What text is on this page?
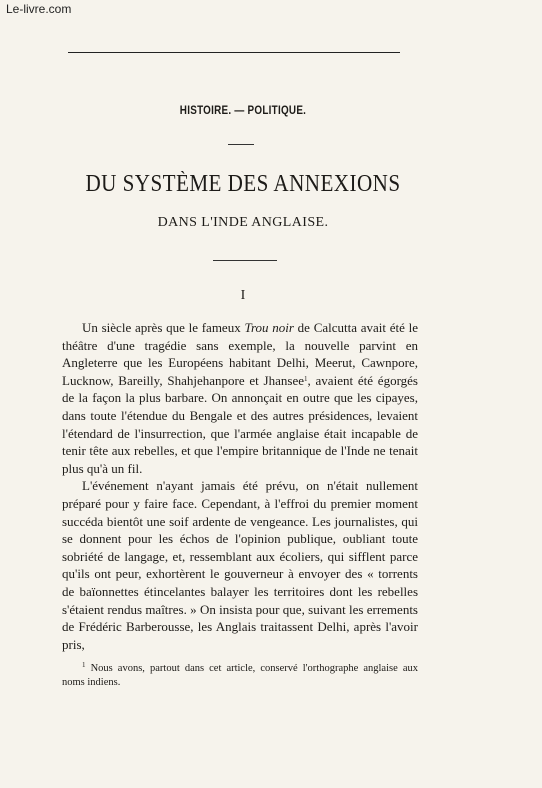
Le-livre.com
HISTOIRE. — POLITIQUE.
DU SYSTÈME DES ANNEXIONS
DANS L'INDE ANGLAISE.
I

Un siècle après que le fameux Trou noir de Calcutta avait été le théâtre d'une tragédie sans exemple, la nouvelle parvint en Angleterre que les Européens habitant Delhi, Meerut, Cawnpore, Lucknow, Bareilly, Shahjehanpore et Jhansee$^1$, avaient été égorgés de la façon la plus barbare. On annonçait en outre que les cipayes, dans toute l'étendue du Bengale et des autres présidences, levaient l'étendard de l'insurrection, que l'armée anglaise était incapable de tenir tête aux rebelles, et que l'empire britannique de l'Inde ne tenait plus qu'à un fil.

L'événement n'ayant jamais été prévu, on n'était nullement préparé pour y faire face. Cependant, à l'effroi du premier moment succéda bientôt une soif ardente de vengeance. Les journalistes, qui se donnent pour les échos de l'opinion publique, oubliant toute sobriété de langage, et, ressemblant aux écoliers, qui sifflent parce qu'ils ont peur, exhortèrent le gouverneur à envoyer des « torrents de baïonnettes étincelantes balayer les territoires dont les rebelles s'étaient rendus maîtres. » On insista pour que, suivant les errements de Frédéric Barberousse, les Anglais traitassent Delhi, après l'avoir pris,

$^1$ Nous avons, partout dans cet article, conservé l'orthographe anglaise aux noms indiens.
